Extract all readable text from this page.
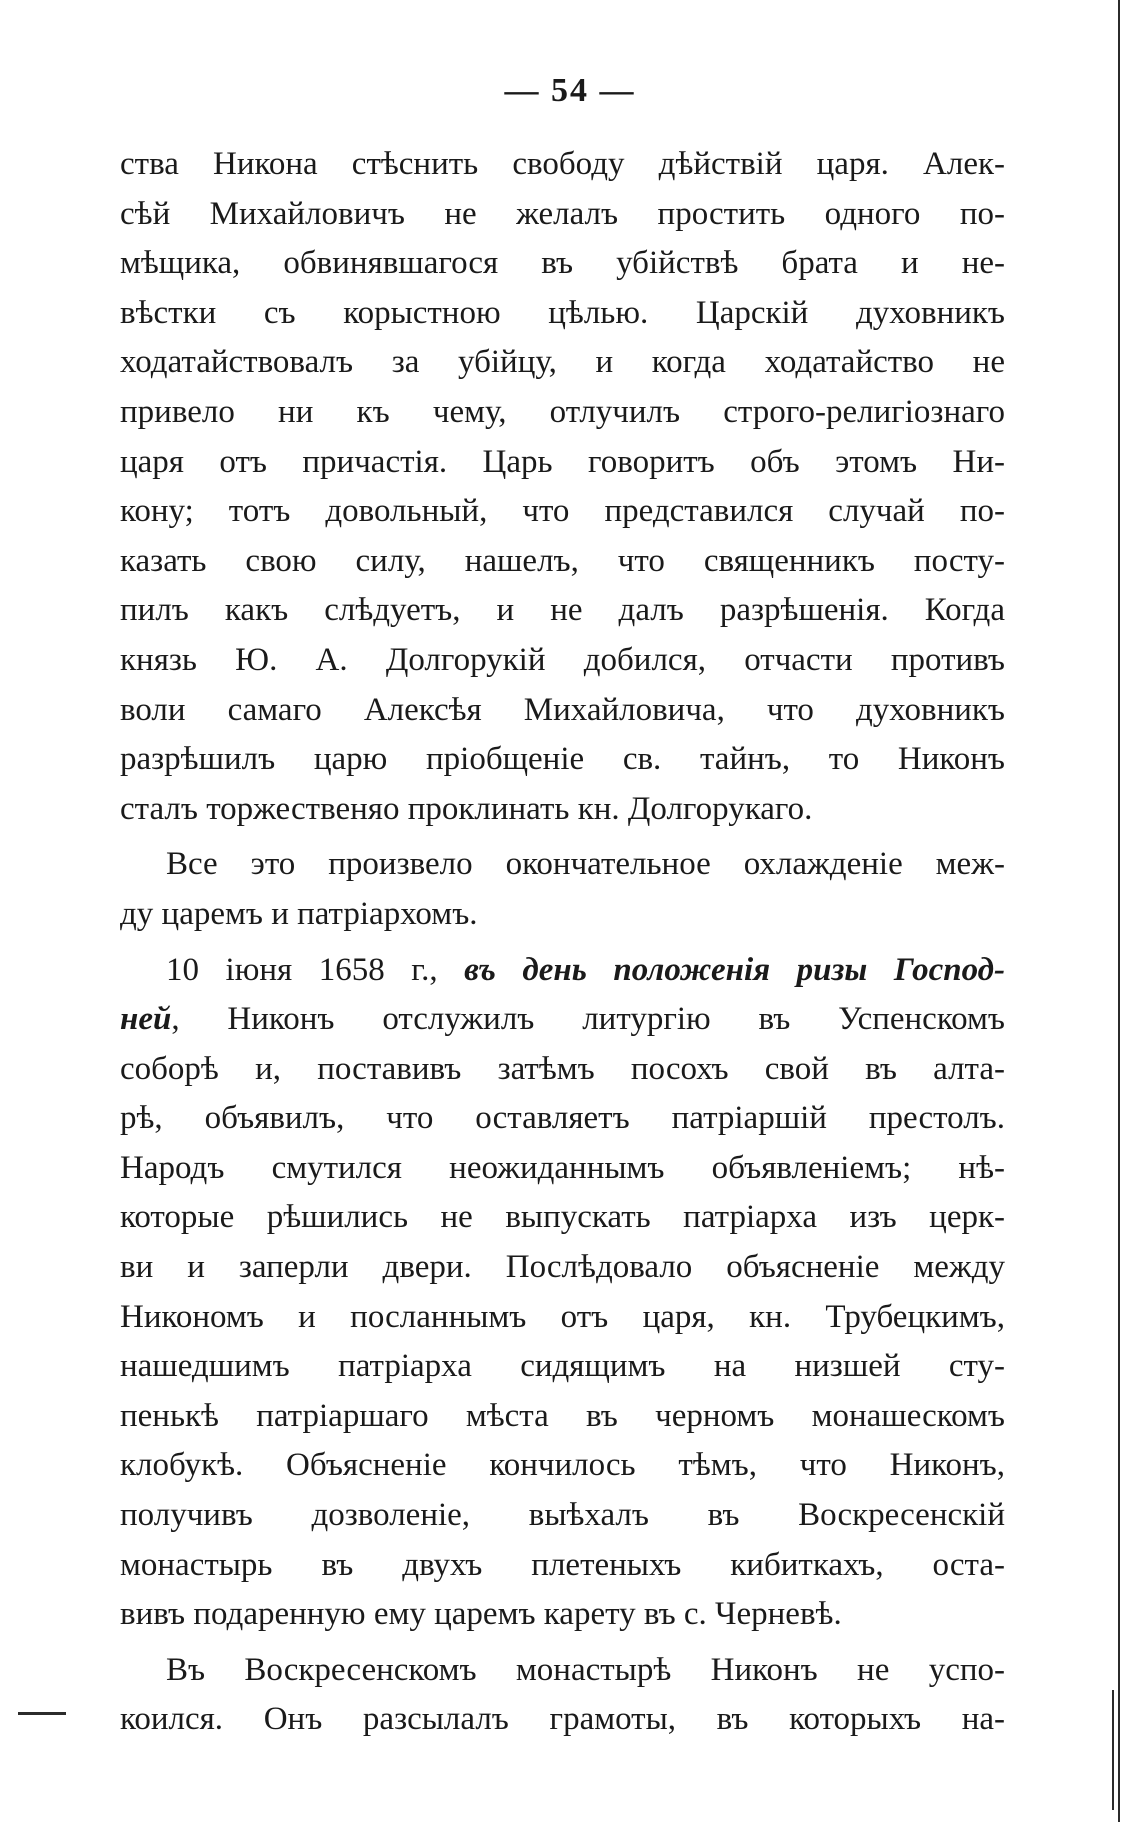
— 54 —
ства Никона стѣснить свободу дѣйствій царя. Алек-
сѣй Михайловичъ не желалъ простить одного по-
мѣщика, обвинявшагося въ убійствѣ брата и не-
вѣстки съ корыстною цѣлью. Царскій духовникъ
ходатайствовалъ за убійцу, и когда ходатайство не
привело ни къ чему, отлучилъ строго-религіознаго
царя отъ причастія. Царь говоритъ объ этомъ Ни-
кону; тотъ довольный, что представился случай по-
казать свою силу, нашелъ, что священникъ посту-
пилъ какъ слѣдуетъ, и не далъ разрѣшенія. Когда
князь Ю. А. Долгорукій добился, отчасти противъ
воли самаго Алексѣя Михайловича, что духовникъ
разрѣшилъ царю пріобщеніе св. тайнъ, то Никонъ
сталъ торжественяо проклинать кн. Долгорукаго.
Все это произвело окончательное охлажденіе меж-
ду царемъ и патріархомъ.
10 іюня 1658 г., въ день положенія ризы Господ-
ней, Никонъ отслужилъ литургію въ Успенскомъ
соборѣ и, поставивъ затѣмъ посохъ свой въ алта-
рѣ, объявилъ, что оставляетъ патріаршій престолъ.
Народъ смутился неожиданнымъ объявленіемъ; нѣ-
которые рѣшились не выпускать патріарха изъ церк-
ви и заперли двери. Послѣдовало объясненіе между
Никономъ и посланнымъ отъ царя, кн. Трубецкимъ,
нашедшимъ патріарха сидящимъ на низшей сту-
пенькѣ патріаршаго мѣста въ черномъ монашескомъ
клобукѣ. Объясненіе кончилось тѣмъ, что Никонъ,
получивъ дозволеніе, выѣхалъ въ Воскресенскій
монастырь въ двухъ плетеныхъ кибиткахъ, оста-
вивъ подаренную ему царемъ карету въ с. Черневѣ.
Въ Воскресенскомъ монастырѣ Никонъ не успо-
коился. Онъ разсылалъ грамоты, въ которыхъ на-
